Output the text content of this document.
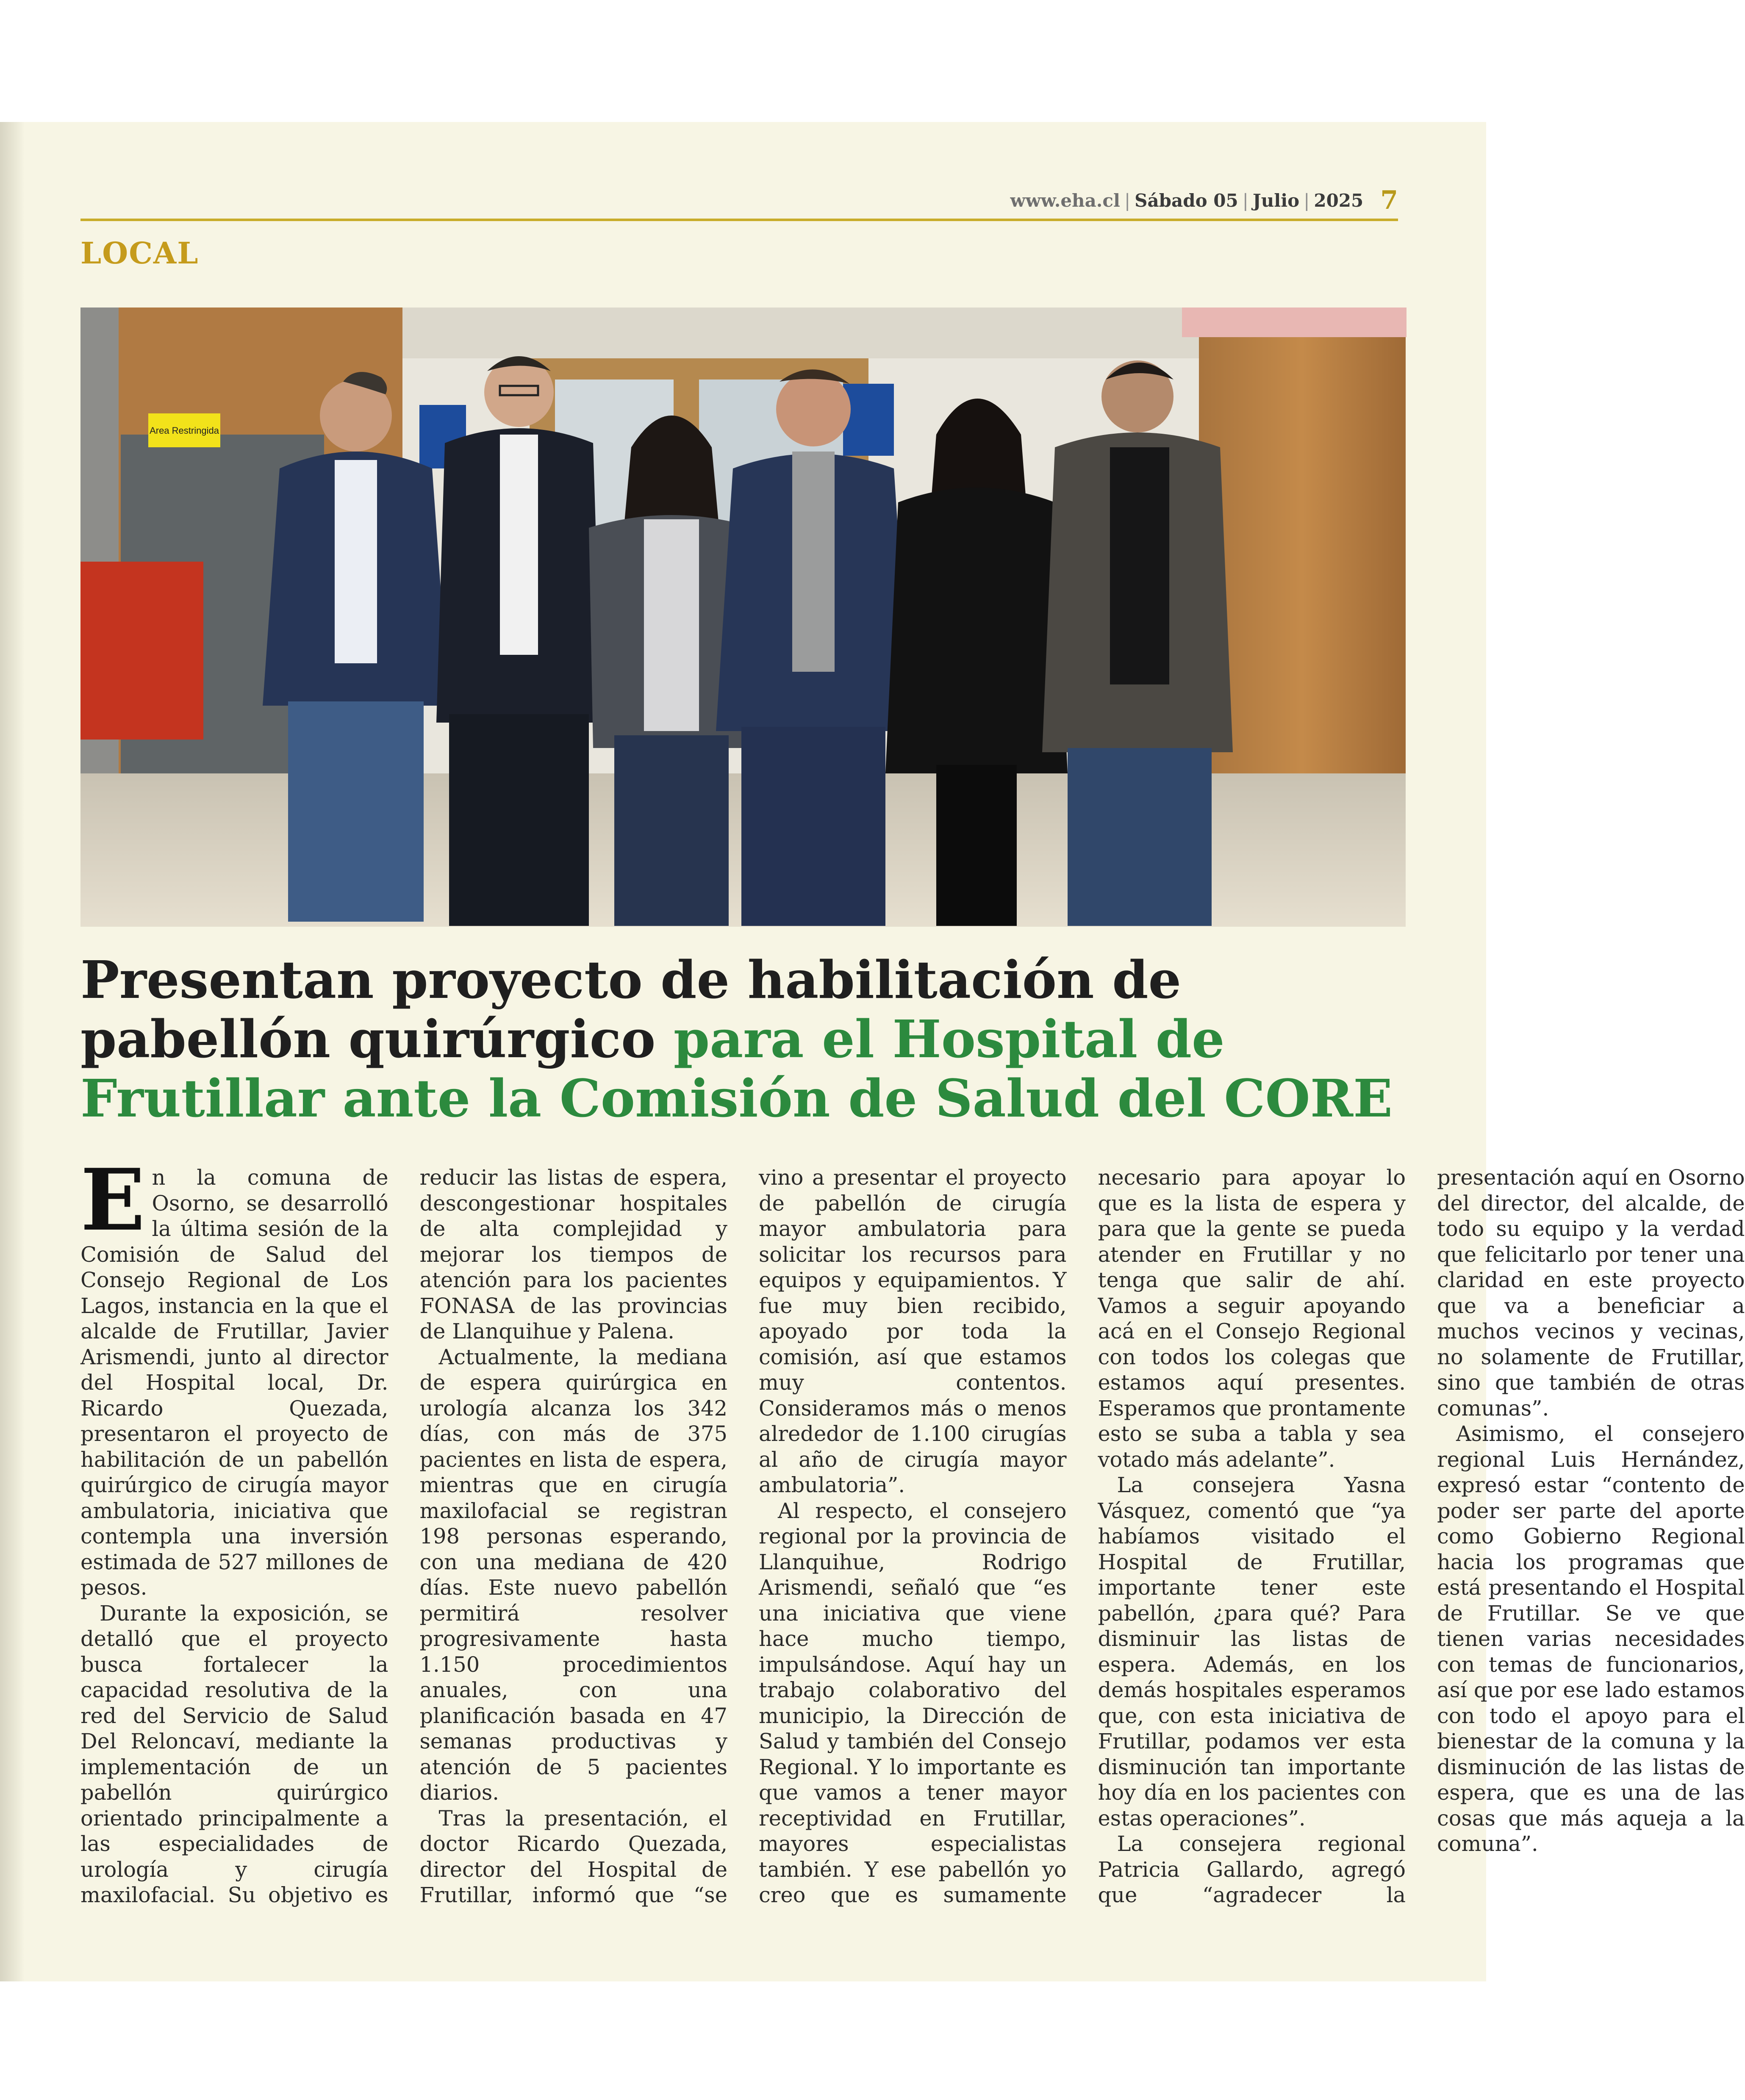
www.eha.cl | Sábado 05 | Julio | 2025 7
LOCAL
Area Restringida
Presentan proyecto de habilitación de pabellón quirúrgico para el Hospital de Frutillar ante la Comisión de Salud del CORE

En la comuna de Osorno, se desarrolló la última sesión de la Comisión de Salud del Consejo Regional de Los Lagos, instancia en la que el alcalde de Frutillar, Javier Arismendi, junto al director del Hospital local, Dr. Ricardo Quezada, presentaron el proyecto de habilitación de un pabellón quirúrgico de cirugía mayor ambulatoria, iniciativa que contempla una inversión estimada de 527 millones de pesos.

Durante la exposición, se detalló que el proyecto busca fortalecer la capacidad resolutiva de la red del Servicio de Salud Del Reloncaví, mediante la implementación de un pabellón quirúrgico orientado principalmente a las especialidades de urología y cirugía maxilofacial. Su objetivo es reducir las listas de espera, descongestionar hospitales de alta complejidad y mejorar los tiempos de atención para los pacientes FONASA de las provincias de Llanquihue y Palena.

Actualmente, la mediana de espera quirúrgica en urología alcanza los 342 días, con más de 375 pacientes en lista de espera, mientras que en cirugía maxilofacial se registran 198 personas esperando, con una mediana de 420 días. Este nuevo pabellón permitirá resolver progresivamente hasta 1.150 procedimientos anuales, con una planificación basada en 47 semanas productivas y atención de 5 pacientes diarios.

Tras la presentación, el doctor Ricardo Quezada, director del Hospital de Frutillar, informó que “se vino a presentar el proyecto de pabellón de cirugía mayor ambulatoria para solicitar los recursos para equipos y equipamientos. Y fue muy bien recibido, apoyado por toda la comisión, así que estamos muy contentos. Consideramos más o menos alrededor de 1.100 cirugías al año de cirugía mayor ambulatoria”.

Al respecto, el consejero regional por la provincia de Llanquihue, Rodrigo Arismendi, señaló que “es una iniciativa que viene hace mucho tiempo, impulsándose. Aquí hay un trabajo colaborativo del municipio, la Dirección de Salud y también del Consejo Regional. Y lo importante es que vamos a tener mayor receptividad en Frutillar, mayores especialistas también. Y ese pabellón yo creo que es sumamente necesario para apoyar lo que es la lista de espera y para que la gente se pueda atender en Frutillar y no tenga que salir de ahí. Vamos a seguir apoyando acá en el Consejo Regional con todos los colegas que estamos aquí presentes. Esperamos que prontamente esto se suba a tabla y sea votado más adelante”.

La consejera Yasna Vásquez, comentó que “ya habíamos visitado el Hospital de Frutillar, importante tener este pabellón, ¿para qué? Para disminuir las listas de espera. Además, en los demás hospitales esperamos que, con esta iniciativa de Frutillar, podamos ver esta disminución tan importante hoy día en los pacientes con estas operaciones”.

La consejera regional Patricia Gallardo, agregó que “agradecer la presentación aquí en Osorno del director, del alcalde, de todo su equipo y la verdad que felicitarlo por tener una claridad en este proyecto que va a beneficiar a muchos vecinos y vecinas, no solamente de Frutillar, sino que también de otras comunas”.

Asimismo, el consejero regional Luis Hernández, expresó estar “contento de poder ser parte del aporte como Gobierno Regional hacia los programas que está presentando el Hospital de Frutillar. Se ve que tienen varias necesidades con temas de funcionarios, así que por ese lado estamos con todo el apoyo para el bienestar de la comuna y la disminución de las listas de espera, que es una de las cosas que más aqueja a la comuna”.
